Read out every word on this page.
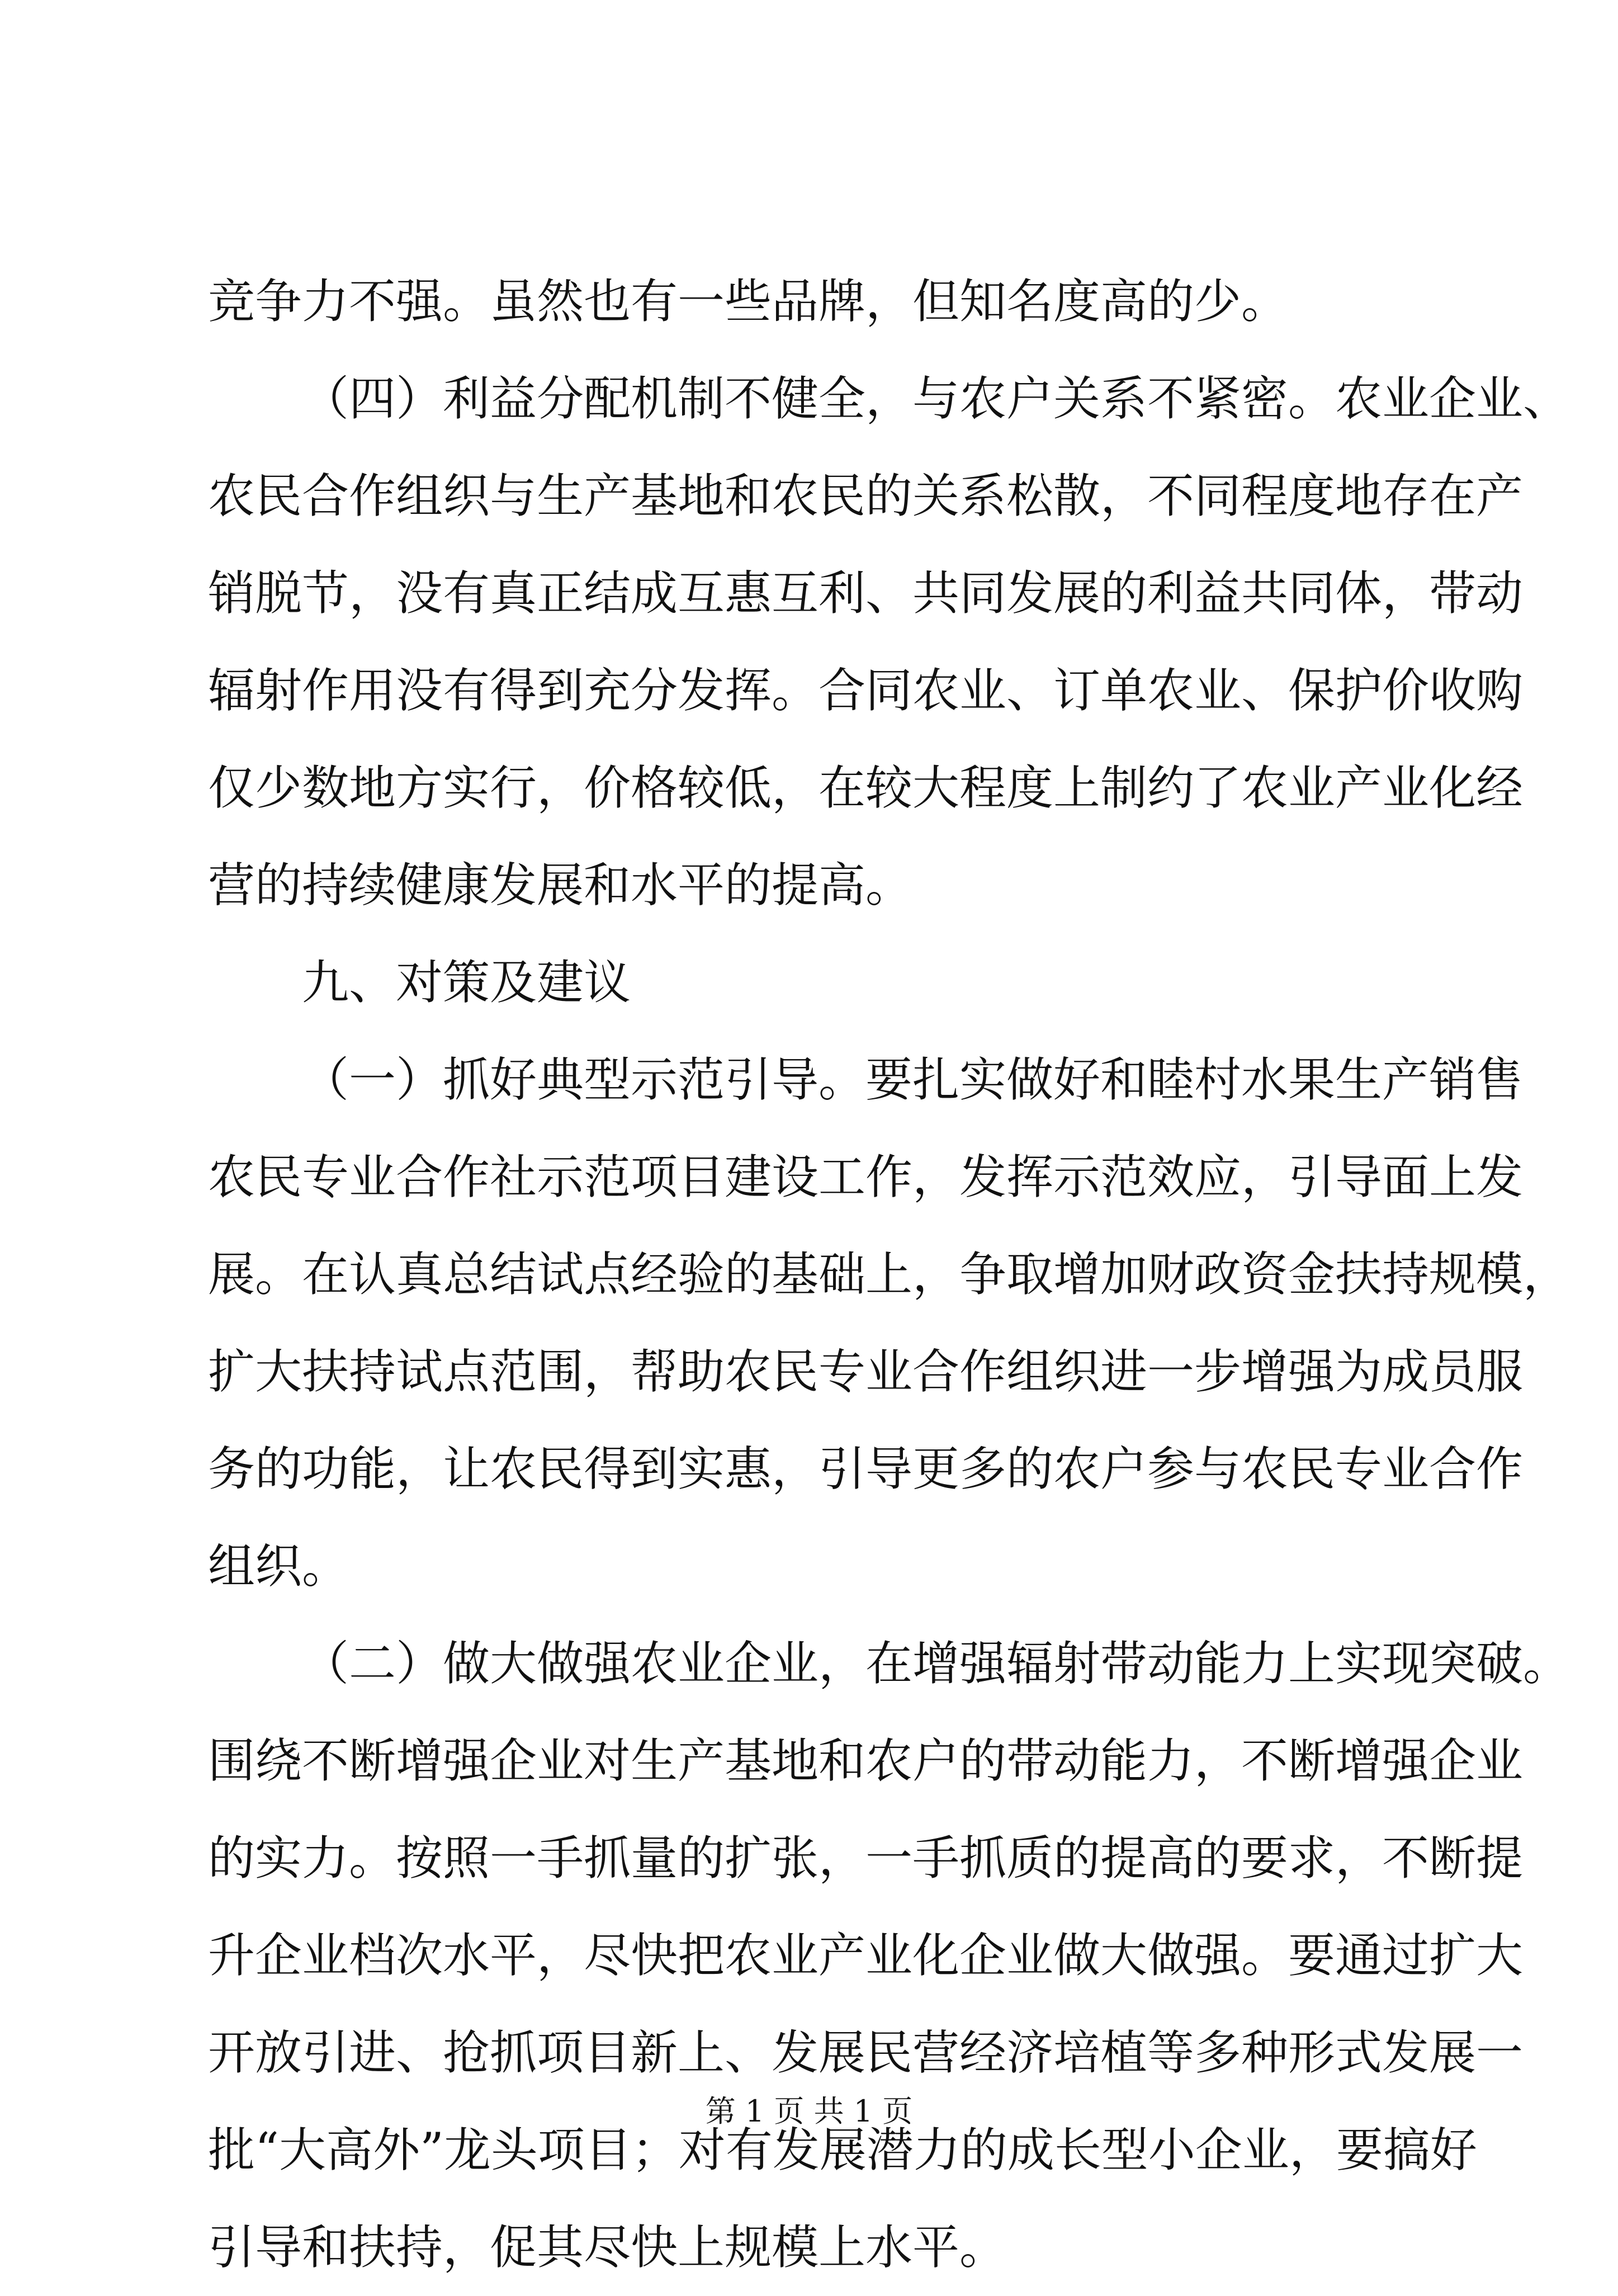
竞争力不强。虽然也有一些品牌，但知名度高的少。
（四）利益分配机制不健全，与农户关系不紧密。农业企业、
农民合作组织与生产基地和农民的关系松散，不同程度地存在产
销脱节，没有真正结成互惠互利、共同发展的利益共同体，带动
辐射作用没有得到充分发挥。合同农业、订单农业、保护价收购
仅少数地方实行，价格较低，在较大程度上制约了农业产业化经
营的持续健康发展和水平的提高。
九、对策及建议
（一）抓好典型示范引导。要扎实做好和睦村水果生产销售
农民专业合作社示范项目建设工作，发挥示范效应，引导面上发
展。在认真总结试点经验的基础上，争取增加财政资金扶持规模，
扩大扶持试点范围，帮助农民专业合作组织进一步增强为成员服
务的功能，让农民得到实惠，引导更多的农户参与农民专业合作
组织。
（二）做大做强农业企业，在增强辐射带动能力上实现突破。
围绕不断增强企业对生产基地和农户的带动能力，不断增强企业
的实力。按照一手抓量的扩张，一手抓质的提高的要求，不断提
升企业档次水平，尽快把农业产业化企业做大做强。要通过扩大
开放引进、抢抓项目新上、发展民营经济培植等多种形式发展一
批“大高外”龙头项目；对有发展潜力的成长型小企业，要搞好
引导和扶持，促其尽快上规模上水平。
第 1 页 共 1 页
